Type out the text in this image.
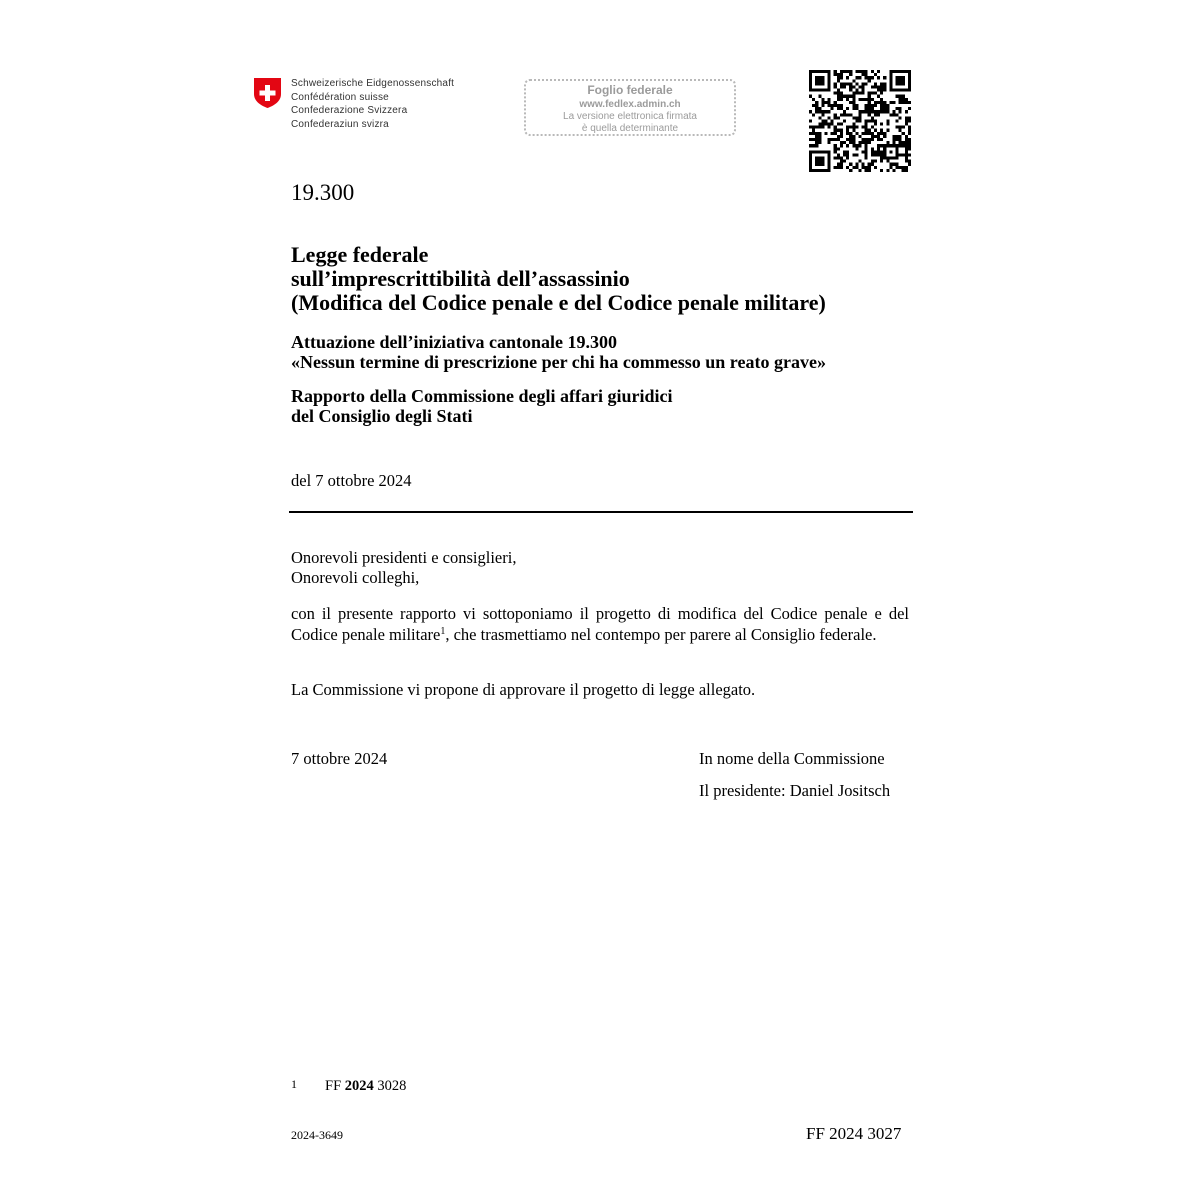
Schweizerische Eidgenossenschaft
Confédération suisse
Confederazione Svizzera
Confederaziun svizra
Foglio federale
www.fedlex.admin.ch
La versione elettronica firmata
è quella determinante
19.300
Legge federale
sull’imprescrittibilità dell’assassinio
(Modifica del Codice penale e del Codice penale militare)
Attuazione dell’iniziativa cantonale 19.300
«Nessun termine di prescrizione per chi ha commesso un reato grave»
Rapporto della Commissione degli affari giuridici
del Consiglio degli Stati
del 7 ottobre 2024
Onorevoli presidenti e consiglieri,
Onorevoli colleghi,
con il presente rapporto vi sottoponiamo il progetto di modifica del Codice penale e del Codice penale militare$^1$, che trasmettiamo nel contempo per parere al Consiglio federale.
La Commissione vi propone di approvare il progetto di legge allegato.
7 ottobre 2024	In nome della Commissione
Il presidente: Daniel Jositsch
1 FF 2024 3028
2024-3649	FF 2024 3027
